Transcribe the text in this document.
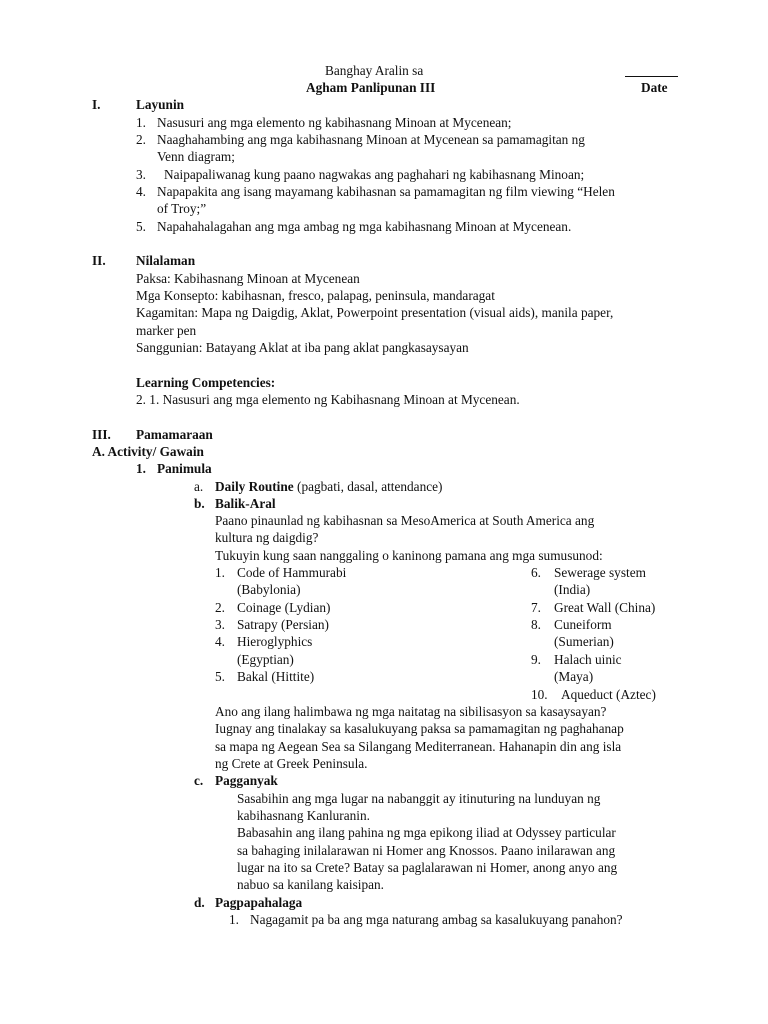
Banghay Aralin sa
Agham Panlipunan III	Date
I.	Layunin
1. Nasusuri ang mga elemento ng kabihasnang Minoan at Mycenean;
2. Naaghahambing ang mga kabihasnang Minoan at Mycenean sa pamamagitan ng
Venn diagram;
3. Naipapaliwanag kung paano nagwakas ang paghahari ng kabihasnang Minoan;
4. Napapakita ang isang mayamang kabihasnan sa pamamagitan ng film viewing “Helen
of Troy;”
5. Napahahalagahan ang mga ambag ng mga kabihasnang Minoan at Mycenean.
II. Nilalaman
Paksa: Kabihasnang Minoan at Mycenean
Mga Konsepto: kabihasnan, fresco, palapag, peninsula, mandaragat
Kagamitan: Mapa ng Daigdig, Aklat, Powerpoint presentation (visual aids), manila paper,
marker pen
Sanggunian: Batayang Aklat at iba pang aklat pangkasaysayan
Learning Competencies:
2. 1. Nasusuri ang mga elemento ng Kabihasnang Minoan at Mycenean.
III. Pamamaraan
A. Activity/ Gawain
1. Panimula
a. Daily Routine (pagbati, dasal, attendance)
b. Balik-Aral
Paano pinaunlad ng kabihasnan sa MesoAmerica at South America ang
kultura ng daigdig?
Tukuyin kung saan nanggaling o kaninong pamana ang mga sumusunod:
1. Code of Hammurabi
(Babylonia)
2. Coinage (Lydian)
3. Satrapy (Persian)
4. Hieroglyphics
(Egyptian)
5. Bakal (Hittite)
6. Sewerage system
(India)
7. Great Wall (China)
8. Cuneiform
(Sumerian)
9. Halach uinic
(Maya)
10. Aqueduct (Aztec)
Ano ang ilang halimbawa ng mga naitatag na sibilisasyon sa kasaysayan?
Iugnay ang tinalakay sa kasalukuyang paksa sa pamamagitan ng paghahanap
sa mapa ng Aegean Sea sa Silangang Mediterranean. Hahanapin din ang isla
ng Crete at Greek Peninsula.
c. Pagganyak
Sasabihin ang mga lugar na nabanggit ay itinuturing na lunduyan ng
kabihasnang Kanluranin.
Babasahin ang ilang pahina ng mga epikong iliad at Odyssey particular
sa bahaging inilalarawan ni Homer ang Knossos. Paano inilarawan ang
lugar na ito sa Crete? Batay sa paglalarawan ni Homer, anong anyo ang
nabuo sa kanilang kaisipan.
d. Pagpapahalaga
1. Nagagamit pa ba ang mga naturang ambag sa kasalukuyang panahon?
